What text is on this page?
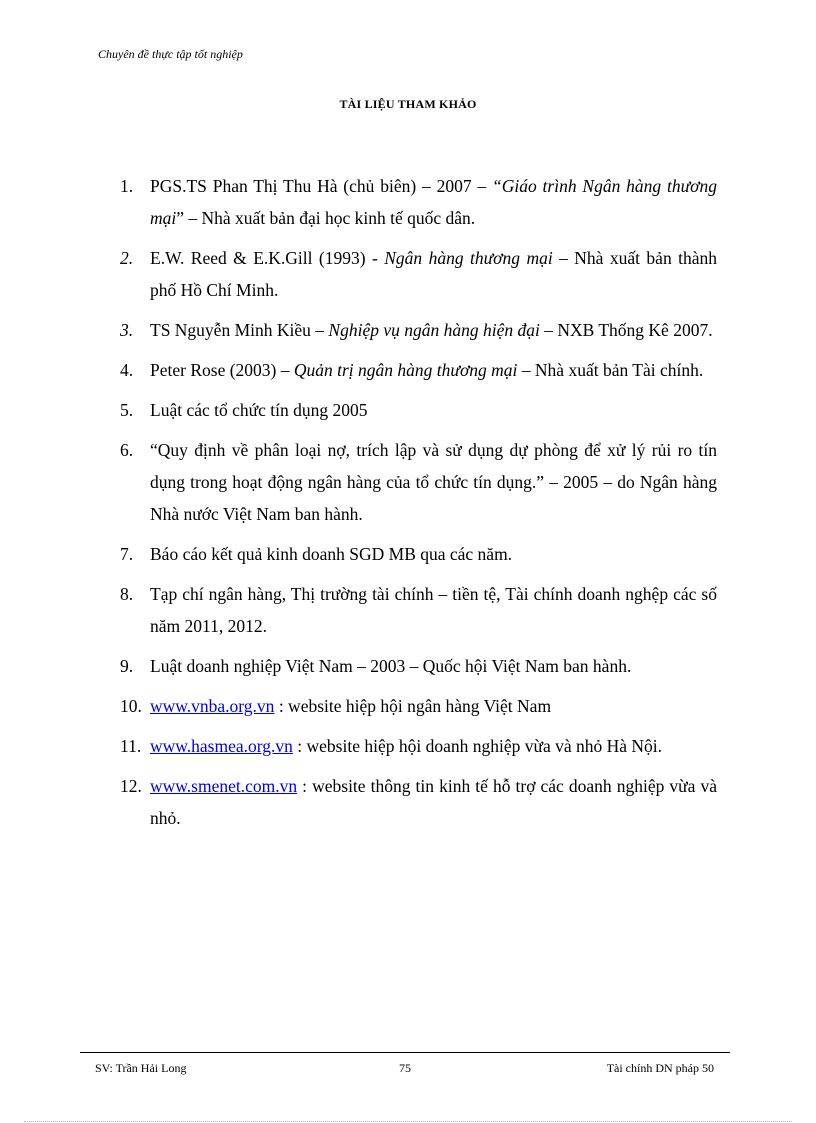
Chuyên đề thực tập tốt nghiệp
TÀI LIỆU THAM KHẢO
1. PGS.TS Phan Thị Thu Hà (chủ biên) – 2007 – “Giáo trình Ngân hàng thương mại” – Nhà xuất bản đại học kinh tế quốc dân.
2. E.W. Reed & E.K.Gill (1993) - Ngân hàng thương mại – Nhà xuất bản thành phố Hồ Chí Minh.
3. TS Nguyễn Minh Kiều – Nghiệp vụ ngân hàng hiện đại – NXB Thống Kê 2007.
4. Peter Rose (2003) – Quản trị ngân hàng thương mại – Nhà xuất bản Tài chính.
5. Luật các tổ chức tín dụng 2005
6. “Quy định về phân loại nợ, trích lập và sử dụng dự phòng để xử lý rủi ro tín dụng trong hoạt động ngân hàng của tổ chức tín dụng.” – 2005 – do Ngân hàng Nhà nước Việt Nam ban hành.
7. Báo cáo kết quả kinh doanh SGD MB qua các năm.
8. Tạp chí ngân hàng, Thị trường tài chính – tiền tệ, Tài chính doanh nghệp các số năm 2011, 2012.
9. Luật doanh nghiệp Việt Nam – 2003 – Quốc hội Việt Nam ban hành.
10. www.vnba.org.vn : website hiệp hội ngân hàng Việt Nam
11. www.hasmea.org.vn : website hiệp hội doanh nghiệp vừa và nhỏ Hà Nội.
12. www.smenet.com.vn : website thông tin kinh tế hỗ trợ các doanh nghiệp vừa và nhỏ.
SV: Trần Hải Long	75	Tài chính DN pháp 50
